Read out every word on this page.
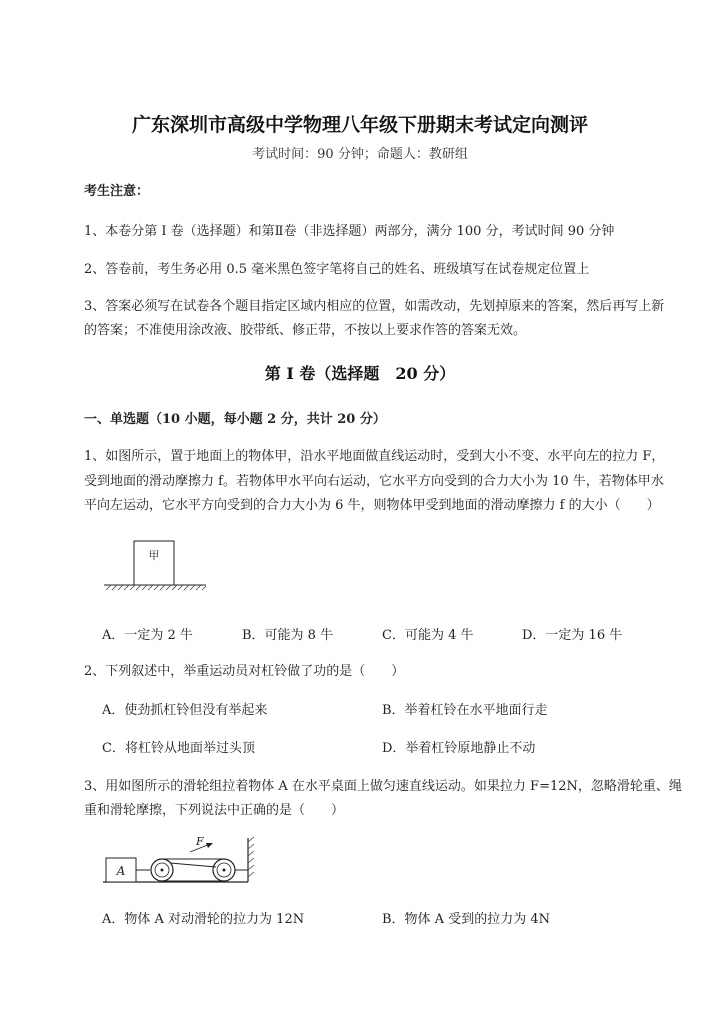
广东深圳市高级中学物理八年级下册期末考试定向测评
考试时间：90 分钟；命题人：教研组
考生注意：
1、本卷分第 I 卷（选择题）和第Ⅱ卷（非选择题）两部分，满分 100 分，考试时间 90 分钟
2、答卷前，考生务必用 0.5 毫米黑色签字笔将自己的姓名、班级填写在试卷规定位置上
3、答案必须写在试卷各个题目指定区域内相应的位置，如需改动，先划掉原来的答案，然后再写上新
的答案；不准使用涂改液、胶带纸、修正带，不按以上要求作答的答案无效。
第 I 卷（选择题　20 分）
一、单选题（10 小题，每小题 2 分，共计 20 分）
1、如图所示，置于地面上的物体甲，沿水平地面做直线运动时，受到大小不变、水平向左的拉力 F，
受到地面的滑动摩擦力 f。若物体甲水平向右运动，它水平方向受到的合力大小为 10 牛，若物体甲水
平向左运动，它水平方向受到的合力大小为 6 牛，则物体甲受到地面的滑动摩擦力 f 的大小（　　）
甲
A．一定为 2 牛	B．可能为 8 牛	C．可能为 4 牛	D．一定为 16 牛
2、下列叙述中，举重运动员对杠铃做了功的是（　　）
A．使劲抓杠铃但没有举起来	B．举着杠铃在水平地面行走
C．将杠铃从地面举过头顶	D．举着杠铃原地静止不动
3、用如图所示的滑轮组拉着物体 A 在水平桌面上做匀速直线运动。如果拉力 F=12N，忽略滑轮重、绳
重和滑轮摩擦，下列说法中正确的是（　　）
A
F
A．物体 A 对动滑轮的拉力为 12N	B．物体 A 受到的拉力为 4N
